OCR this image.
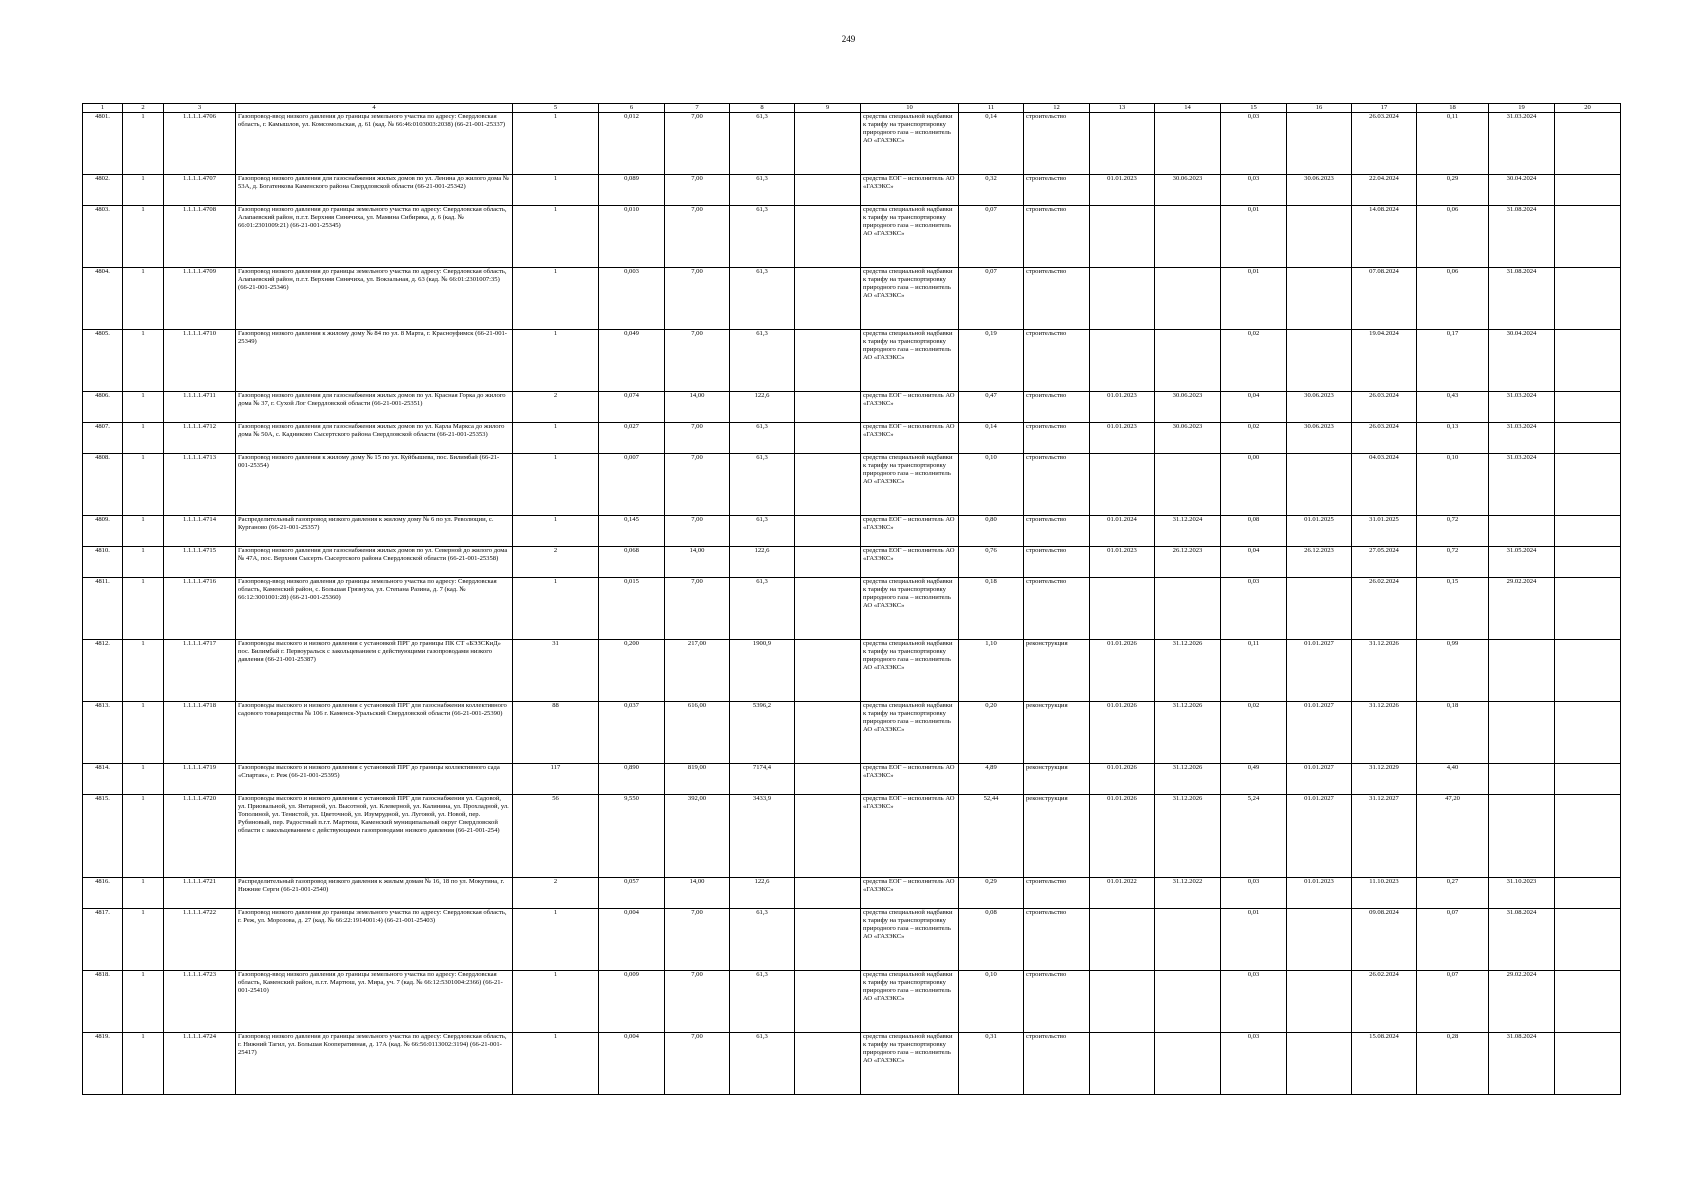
249
1	2	3	4	5	6	7	8	9	10	11	12	13	14	15	16	17	18	19	20
4801.	1	1.1.1.1.4706	Газопровод-ввод низкого давления до границы земельного участка по адресу: Свердловская область, г. Камышлов, ул. Комсомольская, д. 61 (кад. № 66:46:0103003:2038) (66-21-001-25337)	1	0,012	7,00	61,3		средства специальной надбавки к тарифу на транспортировку природного газа – исполнитель АО «ГАЗЭКС»	0,14	строительство			0,03		26.03.2024	0,11	31.03.2024	
4802.	1	1.1.1.1.4707	Газопровод низкого давления для газоснабжения жилых домов по ул. Ленина до жилого дома № 53А, д. Богатенкова Каменского района Свердловской области (66-21-001-25342)	1	0,089	7,00	61,3		средства ЕОГ – исполнитель АО «ГАЗЭКС»	0,32	строительство	01.01.2023	30.06.2023	0,03	30.06.2023	22.04.2024	0,29	30.04.2024	
4803.	1	1.1.1.1.4708	Газопровод низкого давления до границы земельного участка по адресу: Свердловская область, Алапаевский район, п.г.т. Верхняя Синячиха, ул. Мамина Сибиряка, д. 6 (кад. № 66:01:2301009:21) (66-21-001-25345)	1	0,010	7,00	61,3		средства специальной надбавки к тарифу на транспортировку природного газа – исполнитель АО «ГАЗЭКС»	0,07	строительство			0,01		14.08.2024	0,06	31.08.2024	
4804.	1	1.1.1.1.4709	Газопровод низкого давления до границы земельного участка по адресу: Свердловская область, Алапаевский район, п.г.т. Верхняя Синячиха, ул. Вокзальная, д. 63 (кад. № 66:01:2301007:35) (66-21-001-25346)	1	0,003	7,00	61,3		средства специальной надбавки к тарифу на транспортировку природного газа – исполнитель АО «ГАЗЭКС»	0,07	строительство			0,01		07.08.2024	0,06	31.08.2024	
4805.	1	1.1.1.1.4710	Газопровод низкого давления к жилому дому № 84 по ул. 8 Марта, г. Красноуфимск (66-21-001-25349)	1	0,049	7,00	61,3		средства специальной надбавки к тарифу на транспортировку природного газа – исполнитель АО «ГАЗЭКС»	0,19	строительство			0,02		19.04.2024	0,17	30.04.2024	
4806.	1	1.1.1.1.4711	Газопровод низкого давления для газоснабжения жилых домов по ул. Красная Горка до жилого дома № 37, г. Сухой Лог Свердловской области (66-21-001-25351)	2	0,074	14,00	122,6		средства ЕОГ – исполнитель АО «ГАЗЭКС»	0,47	строительство	01.01.2023	30.06.2023	0,04	30.06.2023	26.03.2024	0,43	31.03.2024	
4807.	1	1.1.1.1.4712	Газопровод низкого давления для газоснабжения жилых домов по ул. Карла Маркса до жилого дома № 50А, с. Кадниково Сысертского района Свердловской области (66-21-001-25353)	1	0,027	7,00	61,3		средства ЕОГ – исполнитель АО «ГАЗЭКС»	0,14	строительство	01.01.2023	30.06.2023	0,02	30.06.2023	26.03.2024	0,13	31.03.2024	
4808.	1	1.1.1.1.4713	Газопровод низкого давления к жилому дому № 15 по ул. Куйбышева, пос. Билимбай (66-21-001-25354)	1	0,007	7,00	61,3		средства специальной надбавки к тарифу на транспортировку природного газа – исполнитель АО «ГАЗЭКС»	0,10	строительство			0,00		04.03.2024	0,10	31.03.2024	
4809.	1	1.1.1.1.4714	Распределительный газопровод низкого давления к жилому дому № 6 по ул. Революции, с. Курганово (66-21-001-25357)	1	0,145	7,00	61,3		средства ЕОГ – исполнитель АО «ГАЗЭКС»	0,80	строительство	01.01.2024	31.12.2024	0,08	01.01.2025	31.01.2025	0,72		
4810.	1	1.1.1.1.4715	Газопровод низкого давления для газоснабжения жилых домов по ул. Северной до жилого дома № 47А, пос. Верхняя Сысерть Сысертского района Свердловской области (66-21-001-25358)	2	0,068	14,00	122,6		средства ЕОГ – исполнитель АО «ГАЗЭКС»	0,76	строительство	01.01.2023	26.12.2023	0,04	26.12.2023	27.05.2024	0,72	31.05.2024	
4811.	1	1.1.1.1.4716	Газопровод-ввод низкого давления до границы земельного участка по адресу: Свердловская область, Каменский район, с. Большая Грязнуха, ул. Степана Разина, д. 7 (кад. № 66:12:3001001:28) (66-21-001-25360)	1	0,015	7,00	61,3		средства специальной надбавки к тарифу на транспортировку природного газа – исполнитель АО «ГАЗЭКС»	0,18	строительство			0,03		26.02.2024	0,15	29.02.2024	
4812.	1	1.1.1.1.4717	Газопроводы высокого и низкого давления с установкой ПРГ до границы ПК СТ «БЭЗСКиД» пос. Билимбай г. Первоуральск с закольцеванием с действующими газопроводами низкого давления (66-21-001-25387)	31	0,200	217,00	1900,9		средства специальной надбавки к тарифу на транспортировку природного газа – исполнитель АО «ГАЗЭКС»	1,10	реконструкция	01.01.2026	31.12.2026	0,11	01.01.2027	31.12.2026	0,99		
4813.	1	1.1.1.1.4718	Газопроводы высокого и низкого давления с установкой ПРГ для газоснабжения коллективного садового товарищества № 106 г. Каменск-Уральский Свердловской области (66-21-001-25390)	88	0,037	616,00	5396,2		средства специальной надбавки к тарифу на транспортировку природного газа – исполнитель АО «ГАЗЭКС»	0,20	реконструкция	01.01.2026	31.12.2026	0,02	01.01.2027	31.12.2026	0,18		
4814.	1	1.1.1.1.4719	Газопроводы высокого и низкого давления с установкой ПРГ до границы коллективного сада «Спартак», г. Реж (66-21-001-25395)	117	0,890	819,00	7174,4		средства ЕОГ – исполнитель АО «ГАЗЭКС»	4,89	реконструкция	01.01.2026	31.12.2026	0,49	01.01.2027	31.12.2029	4,40		
4815.	1	1.1.1.1.4720	Газопроводы высокого и низкого давления с установкой ПРГ для газоснабжения ул. Садовой, ул. Приовальной, ул. Янтарной, ул. Высотной, ул. Клеверной, ул. Калинина, ул. Прохладной, ул. Тополиной, ул. Тенистой, ул. Цветочной, ул. Изумрудной, ул. Луговой, ул. Новой, пер. Рубиновый, пер. Радостный п.г.т. Мартюш, Каменский муниципальный округ Свердловской области с закольцеванием с действующими газопроводами низкого давления (66-21-001-254)	56	9,550	392,00	3433,9		средства ЕОГ – исполнитель АО «ГАЗЭКС»	52,44	реконструкция	01.01.2026	31.12.2026	5,24	01.01.2027	31.12.2027	47,20		
4816.	1	1.1.1.1.4721	Распределительный газопровод низкого давления к жилым домам № 16, 18 по ул. Мокутина, г. Нижние Серги (66-21-001-2540)	2	0,057	14,00	122,6		средства ЕОГ – исполнитель АО «ГАЗЭКС»	0,29	строительство	01.01.2022	31.12.2022	0,03	01.01.2023	11.10.2023	0,27	31.10.2023	
4817.	1	1.1.1.1.4722	Газопровод низкого давления до границы земельного участка по адресу: Свердловская область, г. Реж, ул. Морозова, д. 27 (кад. № 66:22:1914001:4) (66-21-001-25403)	1	0,004	7,00	61,3		средства специальной надбавки к тарифу на транспортировку природного газа – исполнитель АО «ГАЗЭКС»	0,08	строительство			0,01		09.08.2024	0,07	31.08.2024	
4818.	1	1.1.1.1.4723	Газопровод-ввод низкого давления до границы земельного участка по адресу: Свердловская область, Каменский район, п.г.т. Мартюш, ул. Мира, уч. 7 (кад. № 66:12:5301004:2366) (66-21-001-25410)	1	0,009	7,00	61,3		средства специальной надбавки к тарифу на транспортировку природного газа – исполнитель АО «ГАЗЭКС»	0,10	строительство			0,03		26.02.2024	0,07	29.02.2024	
4819.	1	1.1.1.1.4724	Газопровод низкого давления до границы земельного участка по адресу: Свердловская область, г. Нижний Тагил, ул. Большая Кооперативная, д. 17А (кад. № 66:56:0113002:3194) (66-21-001-25417)	1	0,004	7,00	61,3		средства специальной надбавки к тарифу на транспортировку природного газа – исполнитель АО «ГАЗЭКС»	0,31	строительство			0,03		15.08.2024	0,28	31.08.2024	
